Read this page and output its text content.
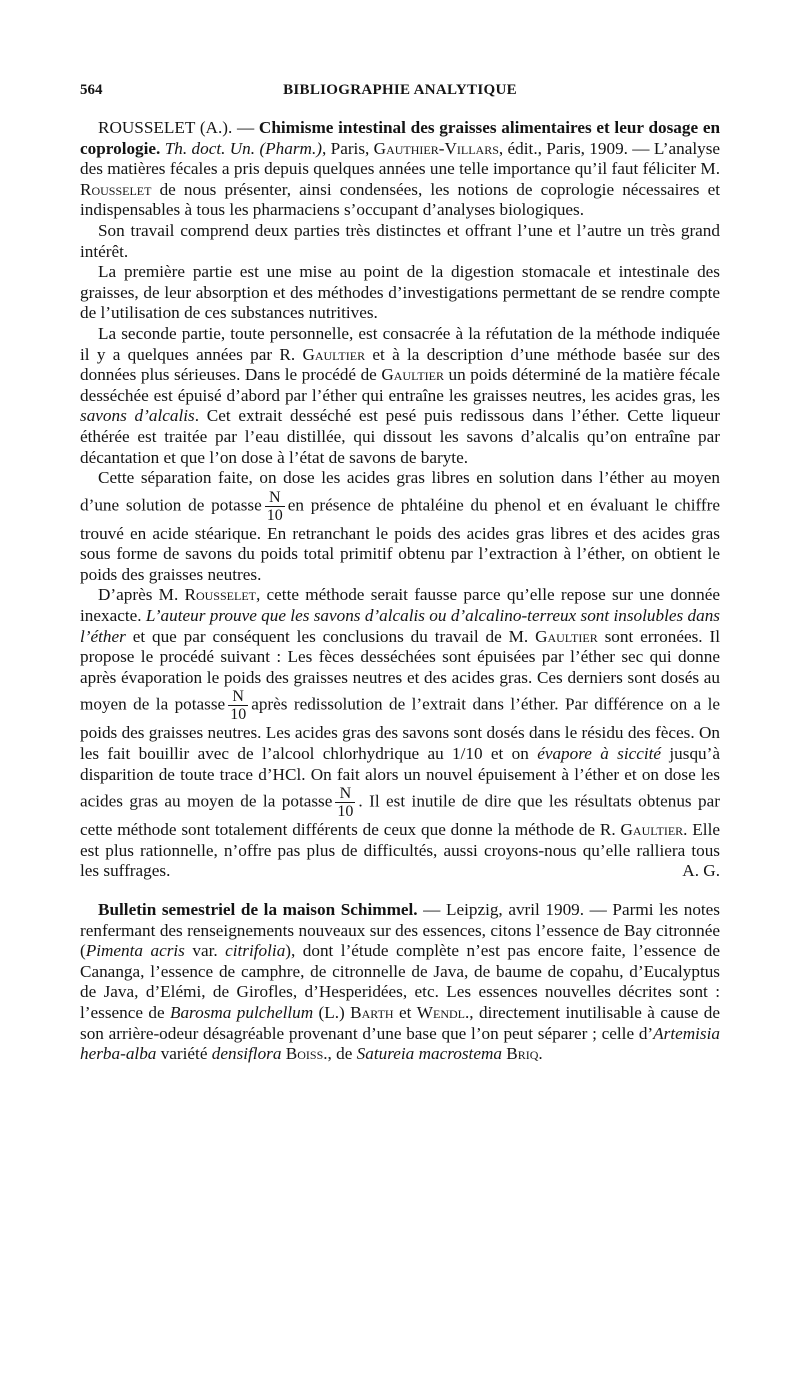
564	BIBLIOGRAPHIE ANALYTIQUE

ROUSSELET (A.). — Chimisme intestinal des graisses alimentaires et leur dosage en coprologie. Th. doct. Un. (Pharm.), Paris, Gauthier-Villars, édit., Paris, 1909. — L’analyse des matières fécales a pris depuis quelques années une telle importance qu’il faut féliciter M. Rousselet de nous présenter, ainsi condensées, les notions de coprologie nécessaires et indispensables à tous les pharmaciens s’occupant d’analyses biologiques.

Son travail comprend deux parties très distinctes et offrant l’une et l’autre un très grand intérêt.

La première partie est une mise au point de la digestion stomacale et intestinale des graisses, de leur absorption et des méthodes d’investigations permettant de se rendre compte de l’utilisation de ces substances nutritives.

La seconde partie, toute personnelle, est consacrée à la réfutation de la méthode indiquée il y a quelques années par R. Gaultier et à la description d’une méthode basée sur des données plus sérieuses. Dans le procédé de Gaultier un poids déterminé de la matière fécale desséchée est épuisé d’abord par l’éther qui entraîne les graisses neutres, les acides gras, les savons d’alcalis. Cet extrait desséché est pesé puis redissous dans l’éther. Cette liqueur éthérée est traitée par l’eau distillée, qui dissout les savons d’alcalis qu’on entraîne par décantation et que l’on dose à l’état de savons de baryte.

Cette séparation faite, on dose les acides gras libres en solution dans l’éther au moyen d’une solution de potasse $\frac{N}{10}$ en présence de phtaléine du phenol et en évaluant le chiffre trouvé en acide stéarique. En retranchant le poids des acides gras libres et des acides gras sous forme de savons du poids total primitif obtenu par l’extraction à l’éther, on obtient le poids des graisses neutres.

D’après M. Rousselet, cette méthode serait fausse parce qu’elle repose sur une donnée inexacte. L’auteur prouve que les savons d’alcalis ou d’alcalino-terreux sont insolubles dans l’éther et que par conséquent les conclusions du travail de M. Gaultier sont erronées. Il propose le procédé suivant : Les fèces desséchées sont épuisées par l’éther sec qui donne après évaporation le poids des graisses neutres et des acides gras. Ces derniers sont dosés au moyen de la potasse $\frac{N}{10}$ après redissolution de l’extrait dans l’éther. Par différence on a le poids des graisses neutres. Les acides gras des savons sont dosés dans le résidu des fèces. On les fait bouillir avec de l’alcool chlorhydrique au 1/10 et on évapore à siccité jusqu’à disparition de toute trace d’HCl. On fait alors un nouvel épuisement à l’éther et on dose les acides gras au moyen de la potasse $\frac{N}{10}$ . Il est inutile de dire que les résultats obtenus par cette méthode sont totalement différents de ceux que donne la méthode de R. Gaultier. Elle est plus rationnelle, n’offre pas plus de difficultés, aussi croyons-nous qu’elle ralliera tous les suffrages.	A. G.

Bulletin semestriel de la maison Schimmel. — Leipzig, avril 1909. — Parmi les notes renfermant des renseignements nouveaux sur des essences, citons l’essence de Bay citronnée (Pimenta acris var. citrifolia), dont l’étude complète n’est pas encore faite, l’essence de Cananga, l’essence de camphre, de citronnelle de Java, de baume de copahu, d’Eucalyptus de Java, d’Elémi, de Girofles, d’Hesperidées, etc. Les essences nouvelles décrites sont : l’essence de Barosma pulchellum (L.) Barth et Wendl., directement inutilisable à cause de son arrière-odeur désagréable provenant d’une base que l’on peut séparer ; celle d’Artemisia herba-alba variété densiflora Boiss., de Satureia macrostema Briq.
